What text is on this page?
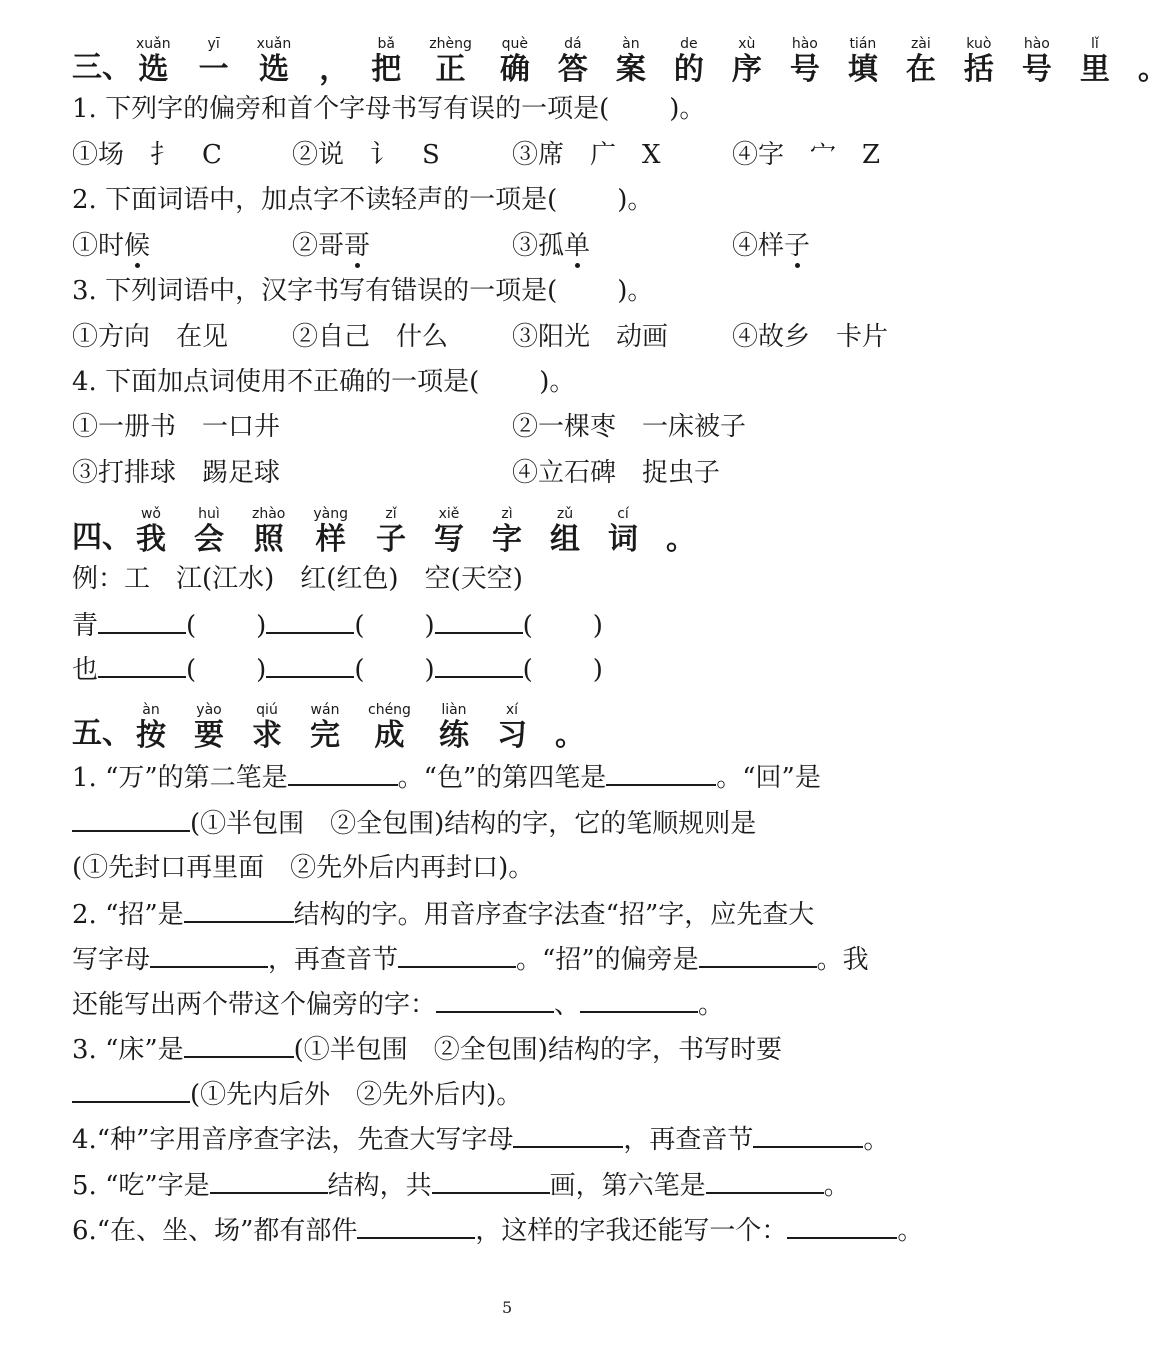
三、
xuǎn
选
yī
一
xuǎn
选 ，
bǎ
把
zhèng
正
què
确
dá
答
àn
案
de
的
xù
序
hào
号
tián
填
zài
在
kuò
括
hào
号
lǐ
里 。
1. 下列字的偏旁和首个字母书写有误的一项是( )。
①场　扌　C	②说　讠　S	③席　广　X	④字　宀　Z
2. 下面词语中，加点字不读轻声的一项是( )。
①时候	②哥哥	③孤单	④样子
3. 下列词语中，汉字书写有错误的一项是( )。
①方向　在见 ②自己　什么 ③阳光　动画 ④故乡　卡片
4. 下面加点词使用不正确的一项是( )。
①一册书　一口井	②一棵枣　一床被子
③打排球　踢足球	④立石碑　捉虫子
四、
wǒ
我
huì
会
zhào
照
yàng
样
zǐ
子
xiě
写
zì
字
zǔ
组
cí
词 。
例：工　江(江水)　红(红色)　空(天空)
青	( )	( )	( )
也	( )	( )	( )
五、
àn
按
yào
要
qiú
求
wán
完
chéng
成
liàn
练
xí
习 。
1. “万”的第二笔是	。“色”的第四笔是	。“回”是
(①半包围　②全包围)结构的字，它的笔顺规则是
(①先封口再里面　②先外后内再封口)。
2. “招”是	结构的字。用音序查字法查“招”字，应先查大
写字母	，再查音节	。“招”的偏旁是	。我
还能写出两个带这个偏旁的字：	、	。
3. “床”是	(①半包围　②全包围)结构的字，书写时要
(①先内后外　②先外后内)。
4.“种”字用音序查字法，先查大写字母	，再查音节	。
5. “吃”字是	结构，共	画，第六笔是	。
6.“在、坐、场”都有部件	，这样的字我还能写一个：	。
5
